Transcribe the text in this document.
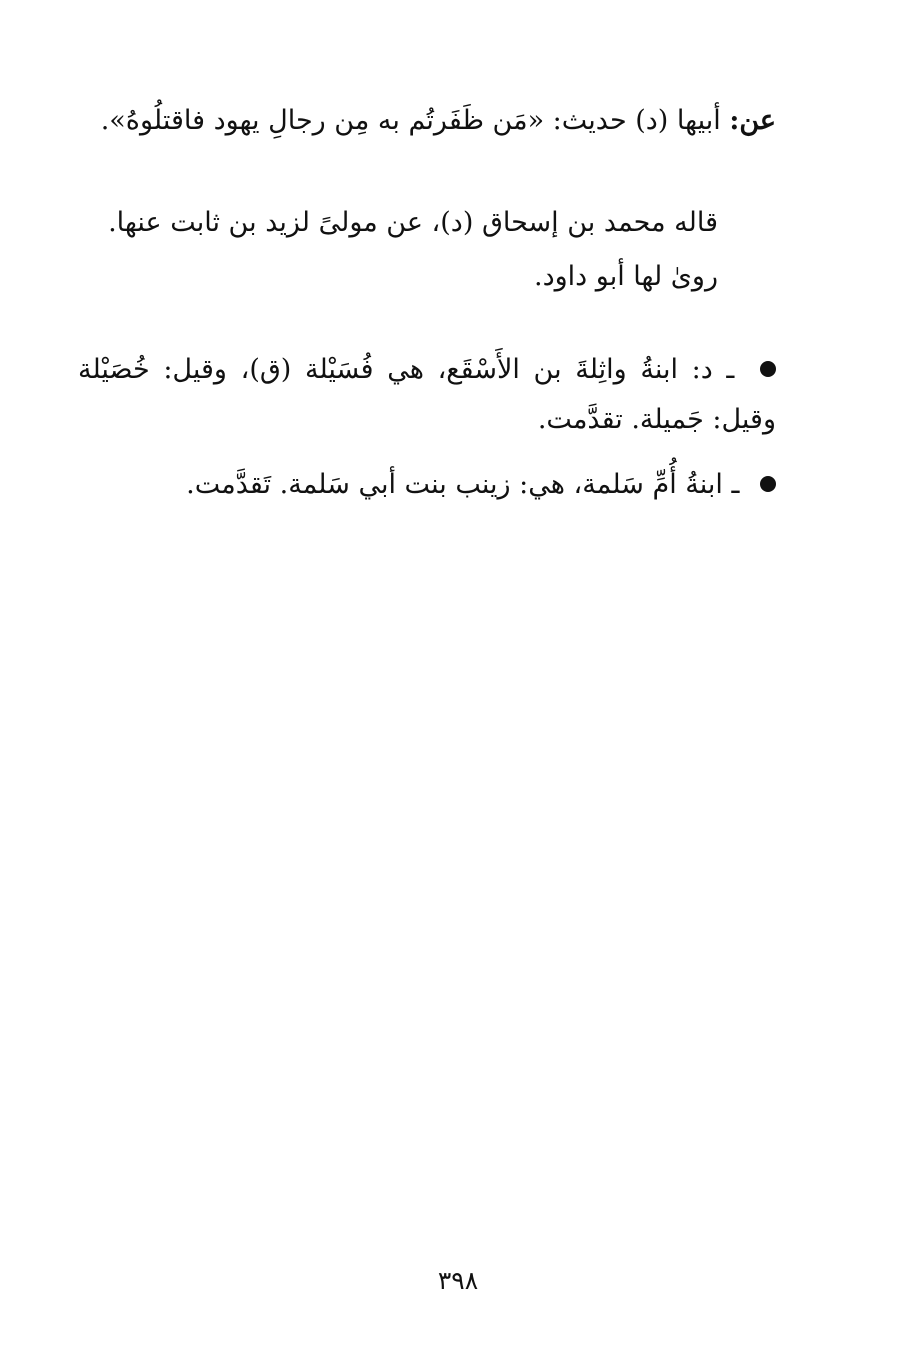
عن: أبيها (د) حديث: «مَن ظَفَرتُم به مِن رجالِ يهود فاقتلُوهُ».
قاله محمد بن إسحاق (د)، عن مولىً لزيد بن ثابت عنها.
روىٰ لها أبو داود.
ـ د: ابنةُ واثِلةَ بن الأَسْقَع، هي فُسَيْلة (ق)، وقيل: خُصَيْلة وقيل: جَميلة. تقدَّمت.
ـ ابنةُ أُمِّ سَلمة، هي: زينب بنت أبي سَلمة. تَقدَّمت.
٣٩٨
